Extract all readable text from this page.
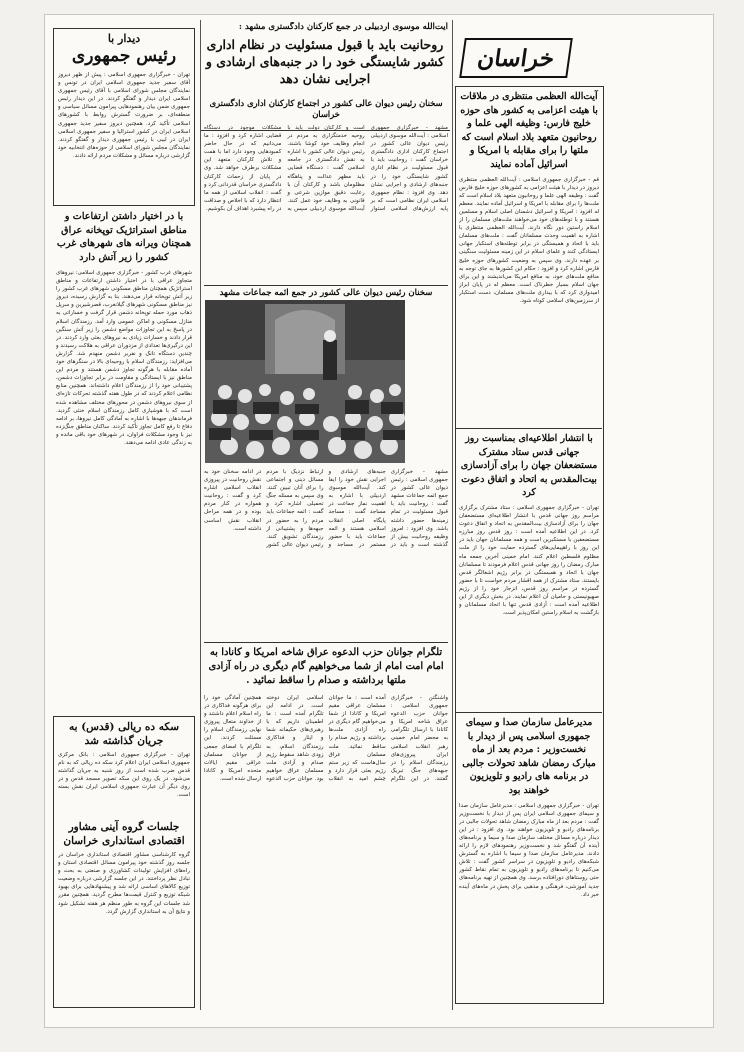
خراسان
آیت‌الله موسوی اردبیلی در جمع کارکنان دادگستری مشهد :
روحانیت باید با قبول مسئولیت در نظام اداری کشور شایستگی خود را در جنبه‌های ارشادی و اجرایی نشان دهد
دیدار با
رئیس جمهوری
تهران - خبرگزاری جمهوری اسلامی : پیش از ظهر دیروز آقای سفیر جدید جمهوری اسلامی ایران در تونس و نمایندگان مجلس شورای اسلامی با آقای رئیس جمهوری اسلامی ایران دیدار و گفتگو کردند. در این دیدار رئیس جمهوری ضمن بیان رهنمودهایی پیرامون مسائل سیاسی و منطقه‌ای، بر ضرورت گسترش روابط با کشورهای اسلامی تأکید کرد. همچنین دیروز سفیر جدید جمهوری اسلامی ایران در کشور استرالیا و سفیر جمهوری اسلامی ایران در لیبی با رئیس جمهوری دیدار و گفتگو کردند. نمایندگان مجلس شورای اسلامی از حوزه‌های انتخابیه خود گزارشی درباره مسائل و مشکلات مردم ارائه دادند.
با در اختیار داشتن ارتفاعات و مناطق استراتژیک توپخانه عراق همچنان ویرانه های شهرهای غرب کشور را زیر آتش دارد
شهرهای غرب کشور - خبرگزاری جمهوری اسلامی: نیروهای متجاوز عراقی با در اختیار داشتن ارتفاعات و مناطق استراتژیک همچنان مناطق مسکونی شهرهای غرب کشور را زیر آتش توپخانه قرار می‌دهند. بنا به گزارش رسیده، دیروز نیز مناطق مسکونی شهرهای گیلانغرب، قصرشیرین و سرپل ذهاب مورد حمله توپخانه دشمن قرار گرفت و خساراتی به منازل مسکونی و اماکن عمومی وارد آمد. رزمندگان اسلام در پاسخ به این تجاوزات مواضع دشمن را زیر آتش سنگین قرار دادند و خسارات زیادی به نیروهای بعثی وارد کردند. در این درگیری‌ها تعدادی از مزدوران عراقی به هلاکت رسیدند و چندین دستگاه تانک و نفربر دشمن منهدم شد. گزارش می‌افزاید: رزمندگان اسلام با روحیه‌ای بالا در سنگرهای خود آماده مقابله با هرگونه تجاوز دشمن هستند و مردم این مناطق نیز با ایستادگی و مقاومت در برابر تجاوزات دشمن، پشتیبانی خود را از رزمندگان اعلام داشته‌اند. همچنین منابع نظامی اعلام کردند که در طول هفته گذشته تحرکات تازه‌ای از سوی نیروهای دشمن در محورهای مختلف مشاهده شده است که با هوشیاری کامل رزمندگان اسلام خنثی گردید. فرماندهان جبهه‌ها با اشاره به آمادگی کامل نیروها، بر ادامه دفاع تا رفع کامل تجاوز تأکید کردند. ساکنان مناطق جنگ‌زده نیز با وجود مشکلات فراوان، در شهرهای خود باقی مانده و به زندگی عادی ادامه می‌دهند.
سکه ده ریالی (قدس) به جریان گذاشته شد
تهران - خبرگزاری جمهوری اسلامی : بانک مرکزی جمهوری اسلامی ایران اعلام کرد سکه ده ریالی که به نام قدس ضرب شده است از روز شنبه به جریان گذاشته می‌شود. در یک روی این سکه تصویر مسجد قدس و در روی دیگر آن عبارت جمهوری اسلامی ایران نقش بسته است.
جلسات گروه آینی مشاور اقتصادی استانداری خراسان
گروه کارشناسی مشاور اقتصادی استانداری خراسان در جلسه روز گذشته خود پیرامون مسائل اقتصادی استان و راه‌های افزایش تولیدات کشاورزی و صنعتی به بحث و تبادل نظر پرداختند. در این جلسه گزارشی درباره وضعیت توزیع کالاهای اساسی ارائه شد و پیشنهادهایی برای بهبود شبکه توزیع و کنترل قیمت‌ها مطرح گردید. همچنین مقرر شد جلسات این گروه به طور منظم هر هفته تشکیل شود و نتایج آن به استانداری گزارش گردد.
سخنان رئیس دیوان عالی کشور در اجتماع کارکنان اداری دادگستری خراسان
مشهد - خبرگزاری جمهوری اسلامی : آیت‌الله موسوی اردبیلی رئیس دیوان عالی کشور در اجتماع کارکنان اداری دادگستری خراسان گفت : روحانیت باید با قبول مسئولیت در نظام اداری کشور شایستگی خود را در جنبه‌های ارشادی و اجرایی نشان دهد. وی افزود : نظام جمهوری اسلامی ایران نظامی است که بر پایه ارزش‌های اسلامی استوار است و کارکنان دولت باید با روحیه خدمتگزاری به مردم در انجام وظایف خود کوشا باشند. رئیس دیوان عالی کشور با اشاره به نقش دادگستری در جامعه اسلامی گفت : دستگاه قضایی باید مظهر عدالت و پناهگاه مظلومان باشد و کارکنان آن با رعایت دقیق موازین شرعی و قانونی به وظایف خود عمل کنند. آیت‌الله موسوی اردبیلی سپس به مشکلات موجود در دستگاه قضایی اشاره کرد و افزود : ما می‌دانیم که در حال حاضر کمبودهایی وجود دارد اما با همت و تلاش کارکنان متعهد این مشکلات برطرف خواهد شد. وی در پایان از زحمات کارکنان دادگستری خراسان قدردانی کرد و گفت : انقلاب اسلامی از همه ما انتظار دارد که با اخلاص و صداقت در راه پیشبرد اهداف آن بکوشیم.
سخنان رئیس دیوان عالی کشور در جمع ائمه جماعات مشهد
مشهد - خبرگزاری جمهوری اسلامی : رئیس دیوان عالی کشور در جمع ائمه جماعات مشهد گفت : روحانیت باید با قبول مسئولیت در تمام زمینه‌ها حضور داشته باشد. وی افزود : امروز وظیفه روحانیت بیش از گذشته است و باید در جنبه‌های ارشادی و اجرایی نقش خود را ایفا کند. آیت‌الله موسوی اردبیلی با اشاره به اهمیت نماز جماعت در مساجد گفت : مساجد پایگاه اصلی انقلاب اسلامی هستند و ائمه جماعات باید با حضور مستمر در مساجد و ارتباط نزدیک با مردم مسائل دینی و اجتماعی را برای آنان تبیین کنند. وی سپس به مسئله جنگ تحمیلی اشاره کرد و گفت : ائمه جماعات باید مردم را به حضور در جبهه‌ها و پشتیبانی از رزمندگان تشویق کنند. رئیس دیوان عالی کشور در ادامه سخنان خود به نقش روحانیت در پیروزی انقلاب اسلامی اشاره کرد و گفت : روحانیت همواره در کنار مردم بوده و در همه مراحل انقلاب نقش اساسی داشته است.
تلگرام جوانان حزب الدعوه عراق شاخه امریکا و کانادا به امام امت امام از شما می‌خواهیم گام دیگری در راه آزادی ملتها برداشته و صدام را ساقط نمائید .
واشنگتن - خبرگزاری جمهوری اسلامی : جوانان حزب الدعوه عراق شاخه امریکا و کانادا با ارسال تلگرامی به محضر امام خمینی رهبر انقلاب اسلامی ایران پیروزی‌های رزمندگان اسلام را در جبهه‌های جنگ تبریک گفتند. در این تلگرام آمده است : ما جوانان مسلمان عراقی مقیم امریکا و کانادا از شما می‌خواهیم گام دیگری در راه آزادی ملت‌ها برداشته و رژیم صدام را ساقط نمائید. ملت مسلمان عراق سال‌هاست که زیر ستم رژیم بعثی قرار دارد و چشم امید به انقلاب اسلامی ایران دوخته است. در ادامه این تلگرام آمده است : ما اطمینان داریم که با رهبری‌های حکیمانه شما و ایثار و فداکاری رزمندگان اسلام، به زودی شاهد سقوط رژیم صدام و آزادی ملت مسلمان عراق خواهیم بود. جوانان حزب الدعوه همچنین آمادگی خود را برای هرگونه فداکاری در راه اسلام اعلام داشتند و از خداوند متعال پیروزی نهایی رزمندگان اسلام را مسئلت کردند. این تلگرام با امضای جمعی از جوانان مسلمان عراقی مقیم ایالات متحده امریکا و کانادا ارسال شده است.
آیت‌الله العظمی منتظری در ملاقات با هیئت اعزامی به کشور های حوزه خلیج فارس: وظیفه الهی علما و روحانیون متعهد بلاد اسلام است که ملتها را برای مقابله با امریکا و اسرائیل آماده نمایند
قم - خبرگزاری جمهوری اسلامی : آیت‌الله العظمی منتظری دیروز در دیدار با هیئت اعزامی به کشورهای حوزه خلیج فارس گفت : وظیفه الهی علما و روحانیون متعهد بلاد اسلام است که ملت‌ها را برای مقابله با امریکا و اسرائیل آماده نمایند. معظم له افزود : امریکا و اسرائیل دشمنان اصلی اسلام و مسلمین هستند و با توطئه‌های خود می‌خواهند ملت‌های مسلمان را از اسلام راستین دور نگاه دارند. آیت‌الله العظمی منتظری با اشاره به اهمیت وحدت مسلمانان گفت : ملت‌های مسلمان باید با اتحاد و همبستگی در برابر توطئه‌های استکبار جهانی ایستادگی کنند و علمای اسلام در این زمینه مسئولیت سنگینی بر عهده دارند. وی سپس به وضعیت کشورهای حوزه خلیج فارس اشاره کرد و افزود : حکام این کشورها به جای توجه به منافع ملت‌های خود، به منافع امریکا می‌اندیشند و این برای جهان اسلام بسیار خطرناک است. معظم له در پایان ابراز امیدواری کرد که با بیداری ملت‌های مسلمان، دست استکبار از سرزمین‌های اسلامی کوتاه شود.
با انتشار اطلاعیه‌ای بمناسبت روز جهانی قدس ستاد مشترک مستضعفان جهان را برای آزادسازی بیت‌المقدس به اتحاد و اتفاق دعوت کرد
تهران - خبرگزاری جمهوری اسلامی : ستاد مشترک برگزاری مراسم روز جهانی قدس با انتشار اطلاعیه‌ای مستضعفان جهان را برای آزادسازی بیت‌المقدس به اتحاد و اتفاق دعوت کرد. در این اطلاعیه آمده است : روز قدس روز مبارزه مستضعفین با مستکبرین است و همه مسلمانان جهان باید در این روز با راهپیمایی‌های گسترده حمایت خود را از ملت مظلوم فلسطین اعلام کنند. امام خمینی آخرین جمعه ماه مبارک رمضان را روز جهانی قدس اعلام فرمودند تا مسلمانان جهان با اتحاد و همبستگی در برابر رژیم اشغالگر قدس بایستند. ستاد مشترک از همه اقشار مردم خواست تا با حضور گسترده در مراسم روز قدس، انزجار خود را از رژیم صهیونیستی و حامیان آن اعلام نمایند. در بخش دیگری از این اطلاعیه آمده است : آزادی قدس تنها با اتحاد مسلمانان و بازگشت به اسلام راستین امکان‌پذیر است.
مدیرعامل سازمان صدا و سیمای جمهوری اسلامی پس از دیدار با نخست‌وزیر : مردم بعد از ماه مبارک رمضان شاهد تحولات جالبی در برنامه های رادیو و تلویزیون خواهند بود
تهران - خبرگزاری جمهوری اسلامی : مدیرعامل سازمان صدا و سیمای جمهوری اسلامی ایران پس از دیدار با نخست‌وزیر گفت : مردم بعد از ماه مبارک رمضان شاهد تحولات جالبی در برنامه‌های رادیو و تلویزیون خواهند بود. وی افزود : در این دیدار درباره مسائل مختلف سازمان صدا و سیما و برنامه‌های آینده آن گفتگو شد و نخست‌وزیر رهنمودهای لازم را ارائه دادند. مدیرعامل سازمان صدا و سیما با اشاره به گسترش شبکه‌های رادیو و تلویزیون در سراسر کشور گفت : تلاش می‌کنیم تا برنامه‌های رادیو و تلویزیون به تمام نقاط کشور حتی روستاهای دورافتاده برسد. وی همچنین از تهیه برنامه‌های جدید آموزشی، فرهنگی و مذهبی برای پخش در ماه‌های آینده خبر داد.
